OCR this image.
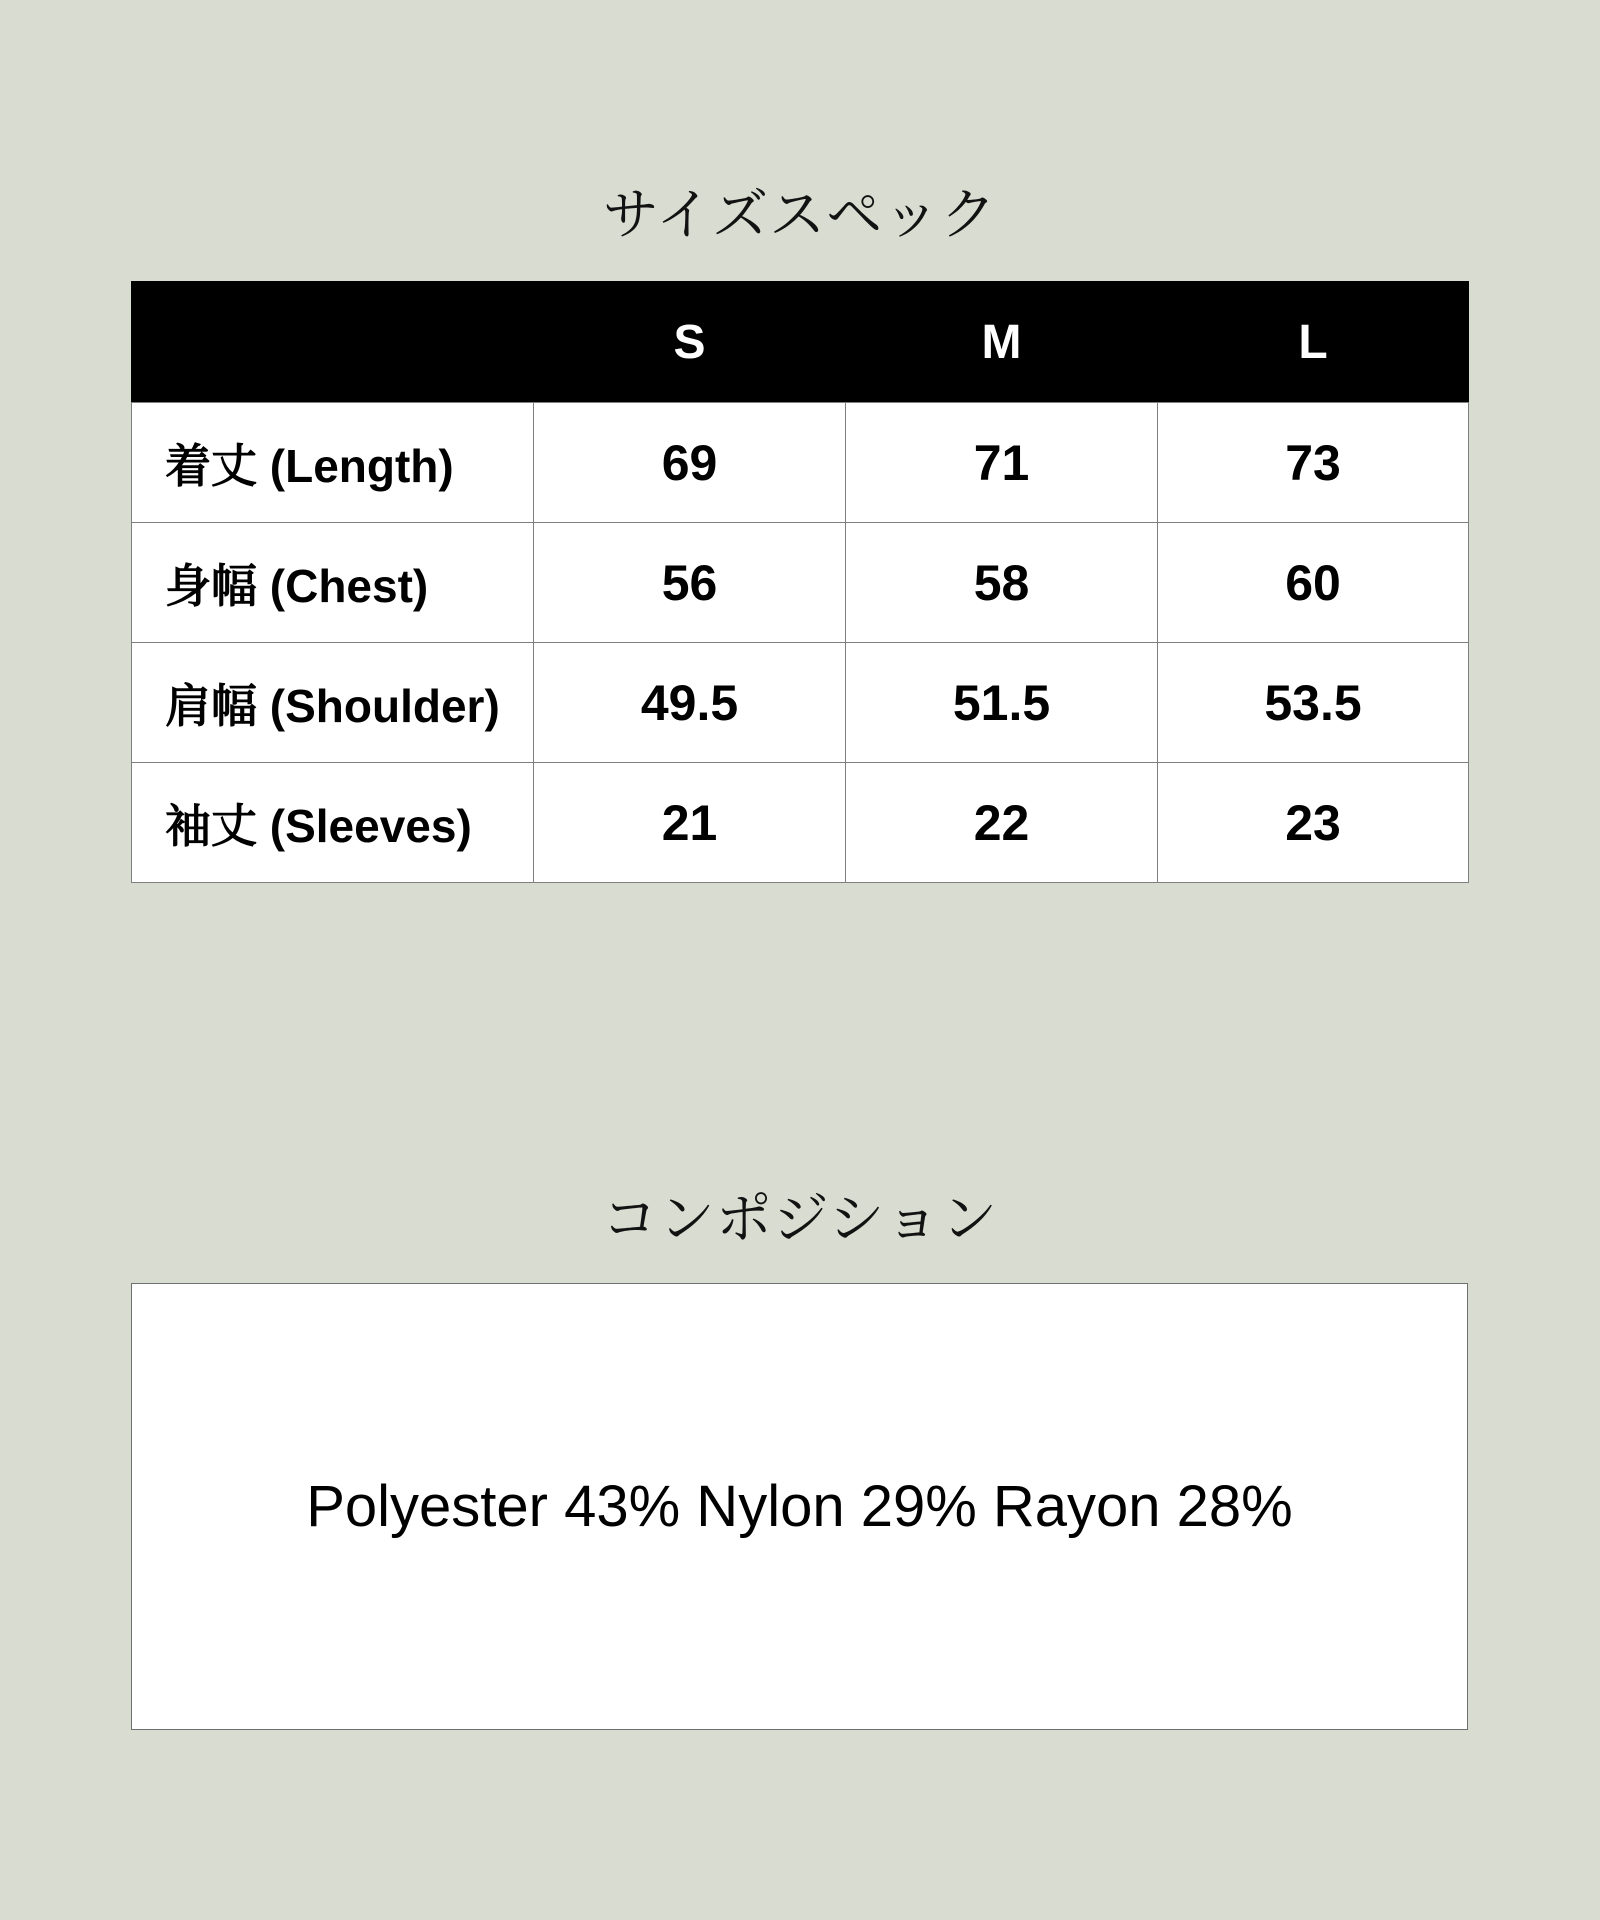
サイズスペック
	S	M	L
着丈 (Length)	69	71	73
身幅 (Chest)	56	58	60
肩幅 (Shoulder)	49.5	51.5	53.5
袖丈 (Sleeves)	21	22	23
コンポジション
Polyester 43% Nylon 29% Rayon 28%
